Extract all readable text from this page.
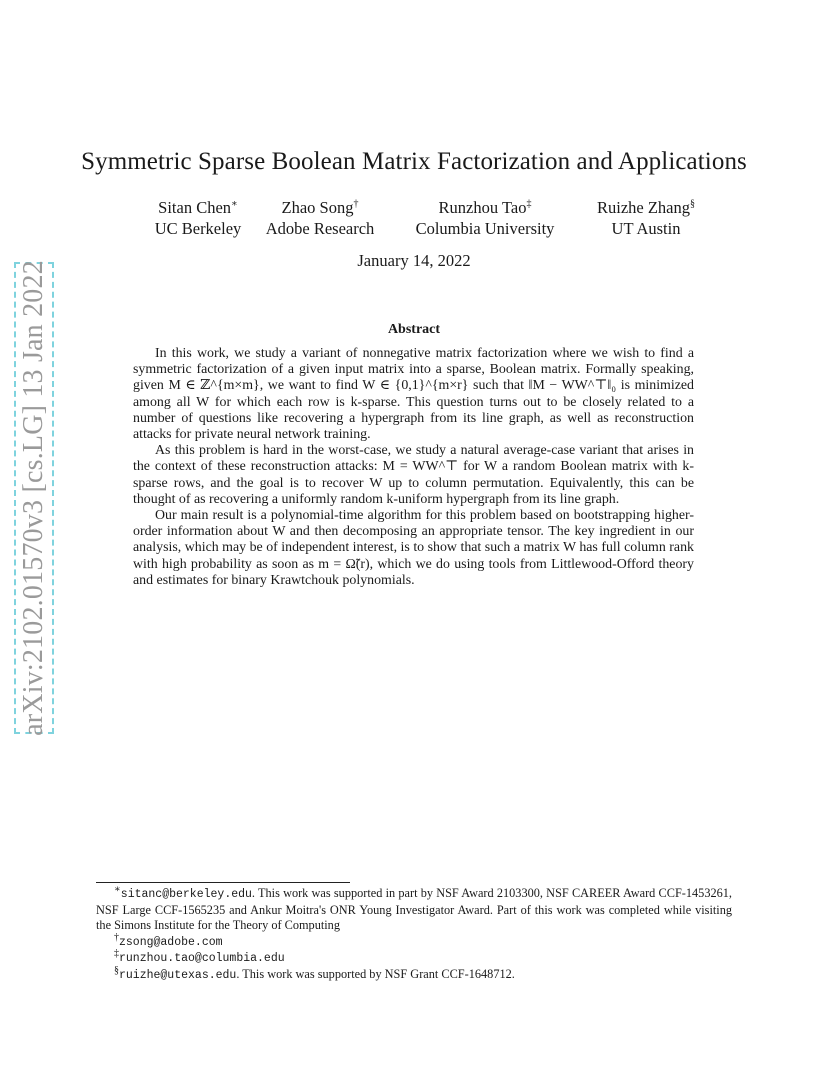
arXiv:2102.01570v3 [cs.LG] 13 Jan 2022
Symmetric Sparse Boolean Matrix Factorization and Applications
Sitan Chen∗
UC Berkeley
Zhao Song†
Adobe Research
Runzhou Tao‡
Columbia University
Ruizhe Zhang§
UT Austin
January 14, 2022
Abstract

In this work, we study a variant of nonnegative matrix factorization where we wish to find a symmetric factorization of a given input matrix into a sparse, Boolean matrix. Formally speaking, given M ∈ ℤ^{m×m}, we want to find W ∈ {0,1}^{m×r} such that ‖M − WW^⊤‖₀ is minimized among all W for which each row is k-sparse. This question turns out to be closely related to a number of questions like recovering a hypergraph from its line graph, as well as reconstruction attacks for private neural network training.

As this problem is hard in the worst-case, we study a natural average-case variant that arises in the context of these reconstruction attacks: M = WW^⊤ for W a random Boolean matrix with k-sparse rows, and the goal is to recover W up to column permutation. Equivalently, this can be thought of as recovering a uniformly random k-uniform hypergraph from its line graph.

Our main result is a polynomial-time algorithm for this problem based on bootstrapping higher-order information about W and then decomposing an appropriate tensor. The key ingredient in our analysis, which may be of independent interest, is to show that such a matrix W has full column rank with high probability as soon as m = Ω̃(r), which we do using tools from Littlewood-Offord theory and estimates for binary Krawtchouk polynomials.

∗sitanc@berkeley.edu. This work was supported in part by NSF Award 2103300, NSF CAREER Award CCF-1453261, NSF Large CCF-1565235 and Ankur Moitra's ONR Young Investigator Award. Part of this work was completed while visiting the Simons Institute for the Theory of Computing

†zsong@adobe.com

‡runzhou.tao@columbia.edu

§ruizhe@utexas.edu. This work was supported by NSF Grant CCF-1648712.
